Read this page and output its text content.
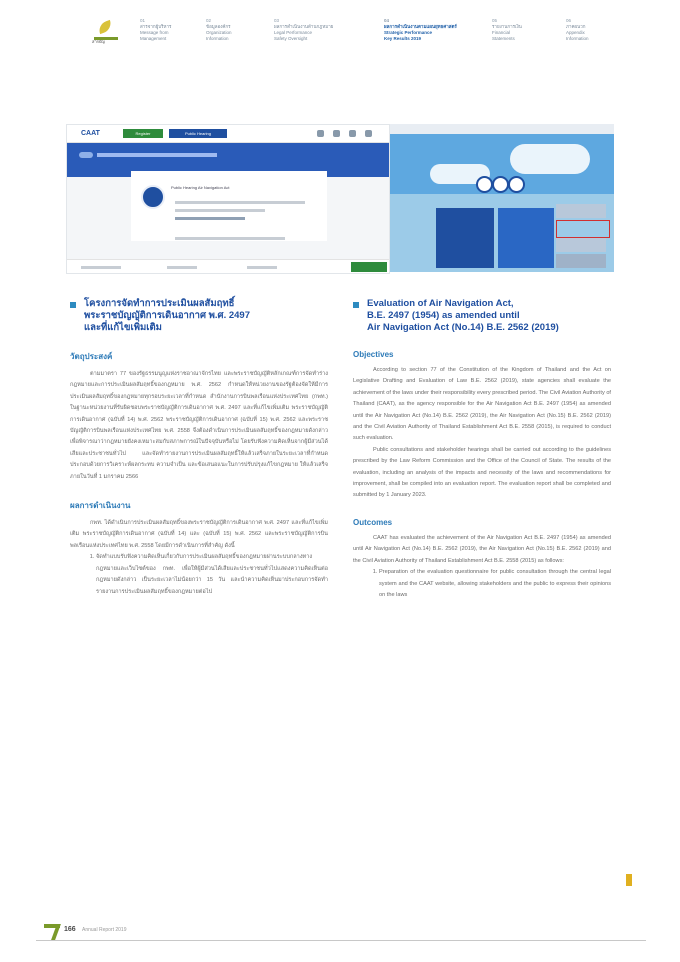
สารบัญ
01
สารจากผู้บริหาร
Message from
Management
02
ข้อมูลองค์กร
Organization
Information
03
ผลการดำเนินงานด้านกฎหมาย
Legal Performance
Safety Oversight
04
ผลการดำเนินงานตามแผนยุทธศาสตร์
Strategic Performance
Key Results 2019
05
รายงานการเงิน
Financial
Statements
06
ภาคผนวก
Appendix
Information
CAAT	Register	Public Hearing
Public Hearing Air Navigation Act
โครงการจัดทำการประเมินผลสัมฤทธิ์
พระราชบัญญัติการเดินอากาศ พ.ศ. 2497
และที่แก้ไขเพิ่มเติม
วัตถุประสงค์

ตามมาตรา 77 ของรัฐธรรมนูญแห่งราชอาณาจักรไทย และพระราชบัญญัติหลักเกณฑ์การจัดทำร่างกฎหมายและการประเมินผลสัมฤทธิ์ของกฎหมาย พ.ศ. 2562 กำหนดให้หน่วยงานของรัฐต้องจัดให้มีการประเมินผลสัมฤทธิ์ของกฎหมายทุกรอบระยะเวลาที่กำหนด สำนักงานการบินพลเรือนแห่งประเทศไทย (กพท.) ในฐานะหน่วยงานที่รับผิดชอบพระราชบัญญัติการเดินอากาศ พ.ศ. 2497 และที่แก้ไขเพิ่มเติม พระราชบัญญัติการเดินอากาศ (ฉบับที่ 14) พ.ศ. 2562 พระราชบัญญัติการเดินอากาศ (ฉบับที่ 15) พ.ศ. 2562 และพระราชบัญญัติการบินพลเรือนแห่งประเทศไทย พ.ศ. 2558 จึงต้องดำเนินการประเมินผลสัมฤทธิ์ของกฎหมายดังกล่าว เพื่อพิจารณาว่ากฎหมายยังคงเหมาะสมกับสภาพการณ์ในปัจจุบันหรือไม่ โดยรับฟังความคิดเห็นจากผู้มีส่วนได้เสียและประชาชนทั่วไป และจัดทำรายงานการประเมินผลสัมฤทธิ์ให้แล้วเสร็จภายในระยะเวลาที่กำหนด ประกอบด้วยการวิเคราะห์ผลกระทบ ความจำเป็น และข้อเสนอแนะในการปรับปรุงแก้ไขกฎหมาย ให้แล้วเสร็จภายในวันที่ 1 มกราคม 2566

ผลการดำเนินงาน

กพท. ได้ดำเนินการประเมินผลสัมฤทธิ์ของพระราชบัญญัติการเดินอากาศ พ.ศ. 2497 และที่แก้ไขเพิ่มเติม พระราชบัญญัติการเดินอากาศ (ฉบับที่ 14) และ (ฉบับที่ 15) พ.ศ. 2562 และพระราชบัญญัติการบินพลเรือนแห่งประเทศไทย พ.ศ. 2558 โดยมีการดำเนินการที่สำคัญ ดังนี้

1. จัดทำแบบรับฟังความคิดเห็นเกี่ยวกับการประเมินผลสัมฤทธิ์ของกฎหมายผ่านระบบกลางทางกฎหมายและเว็บไซต์ของ กพท. เพื่อให้ผู้มีส่วนได้เสียและประชาชนทั่วไปแสดงความคิดเห็นต่อกฎหมายดังกล่าว เป็นระยะเวลาไม่น้อยกว่า 15 วัน และนำความคิดเห็นมาประกอบการจัดทำรายงานการประเมินผลสัมฤทธิ์ของกฎหมายต่อไป
Evaluation of Air Navigation Act,
B.E. 2497 (1954) as amended until
Air Navigation Act (No.14) B.E. 2562 (2019)
Objectives

According to section 77 of the Constitution of the Kingdom of Thailand and the Act on Legislative Drafting and Evaluation of Law B.E. 2562 (2019), state agencies shall evaluate the achievement of the laws under their responsibility every prescribed period. The Civil Aviation Authority of Thailand (CAAT), as the agency responsible for the Air Navigation Act B.E. 2497 (1954) as amended until the Air Navigation Act (No.14) B.E. 2562 (2019), the Air Navigation Act (No.15) B.E. 2562 (2019) and the Civil Aviation Authority of Thailand Establishment Act B.E. 2558 (2015), is required to conduct such evaluation.

Public consultations and stakeholder hearings shall be carried out according to the guidelines prescribed by the Law Reform Commission and the Office of the Council of State. The results of the evaluation, including an analysis of the impacts and necessity of the laws and recommendations for improvement, shall be compiled into an evaluation report. The evaluation report shall be completed and submitted by 1 January 2023.

Outcomes

CAAT has evaluated the achievement of the Air Navigation Act B.E. 2497 (1954) as amended until Air Navigation Act (No.14) B.E. 2562 (2019), the Air Navigation Act (No.15) B.E. 2562 (2019) and the Civil Aviation Authority of Thailand Establishment Act B.E. 2558 (2015) as follows:

1. Preparation of the evaluation questionnaire for public consultation through the central legal system and the CAAT website, allowing stakeholders and the public to express their opinions on the laws
166 Annual Report 2019
